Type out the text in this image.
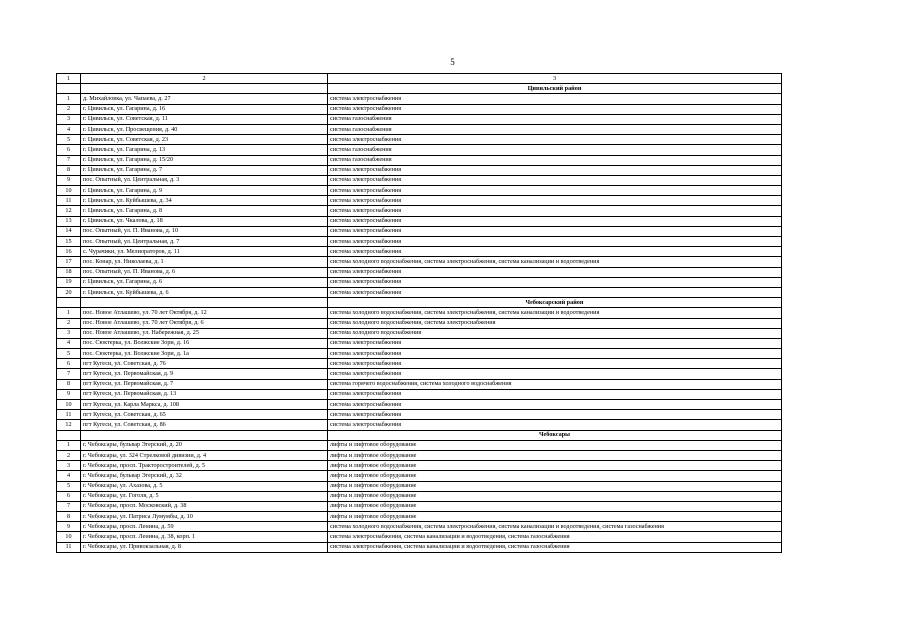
5
1	2	3
		Цивильский район
1	д. Михайловка, ул. Чапаева, д. 27	система электроснабжения
2	г. Цивильск, ул. Гагарина, д. 16	система электроснабжения
3	г. Цивильск, ул. Советская, д. 11	система газоснабжения
4	г. Цивильск, ул. Просвещения, д. 40	система газоснабжения
5	г. Цивильск, ул. Советская, д. 23	система электроснабжения
6	г. Цивильск, ул. Гагарина, д. 13	система газоснабжения
7	г. Цивильск, ул. Гагарина, д. 15/20	система газоснабжения
8	г. Цивильск, ул. Гагарина, д. 7	система электроснабжения
9	пос. Опытный, ул. Центральная, д. 3	система электроснабжения
10	г. Цивильск, ул. Гагарина, д. 9	система электроснабжения
11	г. Цивильск, ул. Куйбышева, д. 34	система электроснабжения
12	г. Цивильск, ул. Гагарина, д. 8	система электроснабжения
13	г. Цивильск, ул. Чкалова, д. 18	система электроснабжения
14	пос. Опытный, ул. П. Иванова, д. 10	система электроснабжения
15	пос. Опытный, ул. Центральная, д. 7	система электроснабжения
16	с. Чурачики, ул. Мелиораторов, д. 11	система электроснабжения
17	пос. Конар, ул. Николаева, д. 1	система холодного водоснабжения, система электроснабжения, система канализации и водоотведения
18	пос. Опытный, ул. П. Иванова, д. 6	система электроснабжения
19	г. Цивильск, ул. Гагарина, д. 6	система электроснабжения
20	г. Цивильск, ул. Куйбышева, д. 6	система электроснабжения
		Чебоксарский район
1	пос. Новое Атлашево, ул. 70 лет Октября, д. 12	система холодного водоснабжения, система электроснабжения, система канализации и водоотведения
2	пос. Новое Атлашево, ул. 70 лет Октября, д. 6	система холодного водоснабжения, система электроснабжения
3	пос. Новое Атлашево, ул. Набережная, д. 25	система холодного водоснабжения
4	пос. Сюктерка, ул. Волжские Зори, д. 16	система электроснабжения
5	пос. Сюктерка, ул. Волжские Зори, д. 1а	система электроснабжения
6	пгт Кугеси, ул. Советская, д. 76	система электроснабжения
7	пгт Кугеси, ул. Первомайская, д. 9	система электроснабжения
8	пгт Кугеси, ул. Первомайская, д. 7	система горячего водоснабжения, система холодного водоснабжения
9	пгт Кугеси, ул. Первомайская, д. 13	система электроснабжения
10	пгт Кугеси, ул. Карла Маркса, д. 108	система электроснабжения
11	пгт Кугеси, ул. Советская, д. 65	система электроснабжения
12	пгт Кугеси, ул. Советская, д. 86	система электроснабжения
		Чебоксары
1	г. Чебоксары, бульвар Эгерский, д. 20	лифты и лифтовое оборудование
2	г. Чебоксары, ул. 324 Стрелковой дивизии, д. 4	лифты и лифтовое оборудование
3	г. Чебоксары, просп. Тракторостроителей, д. 5	лифты и лифтовое оборудование
4	г. Чебоксары, бульвар Эгерский, д. 32	лифты и лифтовое оборудование
5	г. Чебоксары, ул. Ахазова, д. 5	лифты и лифтовое оборудование
6	г. Чебоксары, ул. Гоголя, д. 5	лифты и лифтовое оборудование
7	г. Чебоксары, просп. Московский, д. 38	лифты и лифтовое оборудование
8	г. Чебоксары, ул. Патриса Лумумбы, д. 10	лифты и лифтовое оборудование
9	г. Чебоксары, просп. Ленина, д. 59	система холодного водоснабжения, система электроснабжения, система канализации и водоотведения, система газоснабжения
10	г. Чебоксары, просп. Ленина, д. 38, корп. 1	система электроснабжения, система канализации и водоотведения, система газоснабжения
11	г. Чебоксары, ул. Привокзальная, д. 8	система электроснабжения, система канализации и водоотведения, система газоснабжения
